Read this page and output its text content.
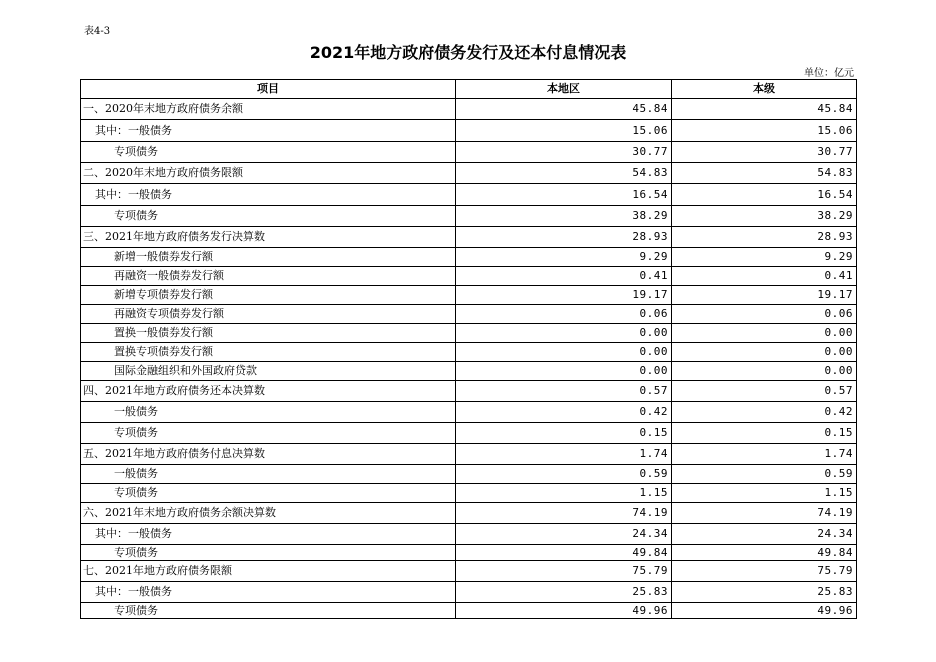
表4-3
2021年地方政府债务发行及还本付息情况表
单位：亿元
项目	本地区	本级
一、2020年末地方政府债务余额	45.84	45.84
其中：一般债务	15.06	15.06
专项债务	30.77	30.77
二、2020年末地方政府债务限额	54.83	54.83
其中：一般债务	16.54	16.54
专项债务	38.29	38.29
三、2021年地方政府债务发行决算数	28.93	28.93
新增一般债券发行额	9.29	9.29
再融资一般债券发行额	0.41	0.41
新增专项债券发行额	19.17	19.17
再融资专项债券发行额	0.06	0.06
置换一般债券发行额	0.00	0.00
置换专项债券发行额	0.00	0.00
国际金融组织和外国政府贷款	0.00	0.00
四、2021年地方政府债务还本决算数	0.57	0.57
一般债务	0.42	0.42
专项债务	0.15	0.15
五、2021年地方政府债务付息决算数	1.74	1.74
一般债务	0.59	0.59
专项债务	1.15	1.15
六、2021年末地方政府债务余额决算数	74.19	74.19
其中：一般债务	24.34	24.34
专项债务	49.84	49.84
七、2021年地方政府债务限额	75.79	75.79
其中：一般债务	25.83	25.83
专项债务	49.96	49.96
